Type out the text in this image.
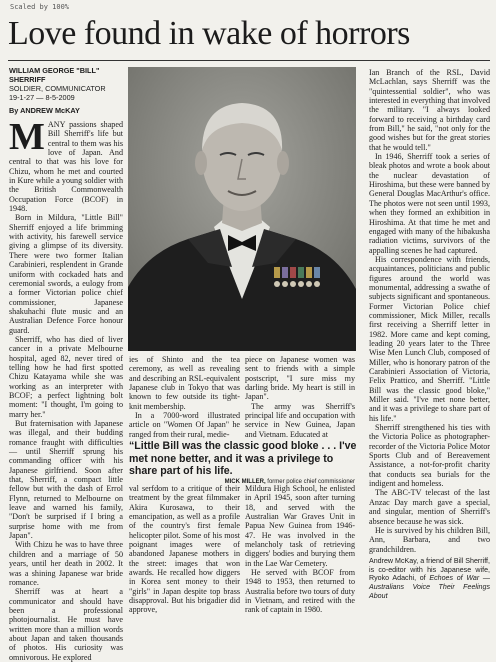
Scaled by 100%
Love found in wake of horrors
WILLIAM GEORGE "BILL" SHERRIFF
SOLDIER, COMMUNICATOR
19-1-27 — 8-5-2009
By ANDREW McKAY

MANY passions shaped Bill Sherriff's life but central to them was his love of Japan. And central to that was his love for Chizu, whom he met and courted in Kure while a young soldier with the British Commonwealth Occupation Force (BCOF) in 1948.

Born in Mildura, "Little Bill" Sherriff enjoyed a life brimming with activity, his farewell service giving a glimpse of its diversity. There were two former Italian Carabinieri, resplendent in Grande uniform with cockaded hats and ceremonial swords, a eulogy from a former Victorian police chief commissioner, Japanese shakuhachi flute music and an Australian Defence Force honour guard.

Sherriff, who has died of liver cancer in a private Melbourne hospital, aged 82, never tired of telling how he had first spotted Chizu Katayama while she was working as an interpreter with BCOF; a perfect lightning bolt moment: "I thought, I'm going to marry her."

But fraternisation with Japanese was illegal, and their budding romance fraught with difficulties — until Sherriff sprung his commanding officer with his Japanese girlfriend. Soon after that, Sherriff, a compact little fellow but with the dash of Errol Flynn, returned to Melbourne on leave and warned his family, "Don't be surprised if I bring a surprise home with me from Japan".

With Chizu he was to have three children and a marriage of 50 years, until her death in 2002. It was a shining Japanese war bride romance.

Sherriff was at heart a communicator and should have been a professional photojournalist. He must have written more than a million words about Japan and taken thousands of photos. His curiosity was omnivorous. He explored

ies of Shinto and the tea ceremony, as well as revealing and describing an RSL-equivalent Japanese club in Tokyo that was known to few outside its tight-knit membership.

In a 7000-word illustrated article on "Women Of Japan" he ranged from their rural, medie-

piece on Japanese women was sent to friends with a simple postscript, "I sure miss my darling bride. My heart is still in Japan".

The army was Sherriff's principal life and occupation with service in New Guinea, Japan and Vietnam. Educated at

“Little Bill was the classic good bloke . . . I've met none better, and it was a privilege to share part of his life.
MICK MILLER, former police chief commissioner

val serfdom to a critique of their treatment by the great filmmaker Akira Kurosawa, to their emancipation, as well as a profile of the country's first female helicopter pilot. Some of his most poignant images were of abandoned Japanese mothers in the street: images that won awards. He recalled how diggers in Korea sent money to their "girls" in Japan despite top brass disapproval. But his brigadier did approve,

Mildura High School, he enlisted in April 1945, soon after turning 18, and served with the Australian War Graves Unit in Papua New Guinea from 1946-47. He was involved in the melancholy task of retrieving diggers' bodies and burying them in the Lae War Cemetery.

He served with BCOF from 1948 to 1953, then returned to Australia before two tours of duty in Vietnam, and retired with the rank of captain in 1980.

Ian Branch of the RSL, David McLachlan, says Sherriff was the "quintessential soldier", who was interested in everything that involved the military. "I always looked forward to receiving a birthday card from Bill," he said, "not only for the good wishes but for the great stories that he would tell."

In 1946, Sherriff took a series of bleak photos and wrote a book about the nuclear devastation of Hiroshima, but these were banned by General Douglas MacArthur's office. The photos were not seen until 1993, when they formed an exhibition in Hiroshima. At that time he met and engaged with many of the hibakusha radiation victims, survivors of the appalling scenes he had captured.

His correspondence with friends, acquaintances, politicians and public figures around the world was monumental, addressing a swathe of subjects significant and spontaneous. Former Victorian Police chief commissioner, Mick Miller, recalls first receiving a Sherriff letter in 1982. More came and kept coming, leading 20 years later to the Three Wise Men Lunch Club, composed of Miller, who is honorary patron of the Carabinieri Association of Victoria, Felix Prattico, and Sherriff. "Little Bill was the classic good bloke," Miller said. "I've met none better, and it was a privilege to share part of his life."

Sherriff strengthened his ties with the Victoria Police as photographer-recorder of the Victoria Police Motor Sports Club and of Bereavement Assistance, a not-for-profit charity that conducts sea burials for the indigent and homeless.

The ABC-TV telecast of the last Anzac Day march gave a special, and singular, mention of Sherriff's absence because he was sick.

He is survived by his children Bill, Ann, Barbara, and two grandchildren.

Andrew McKay, a friend of Bill Sherriff, is co-editor with his Japanese wife, Ryoko Adachi, of Echoes of War — Australians Voice Their Feelings About
